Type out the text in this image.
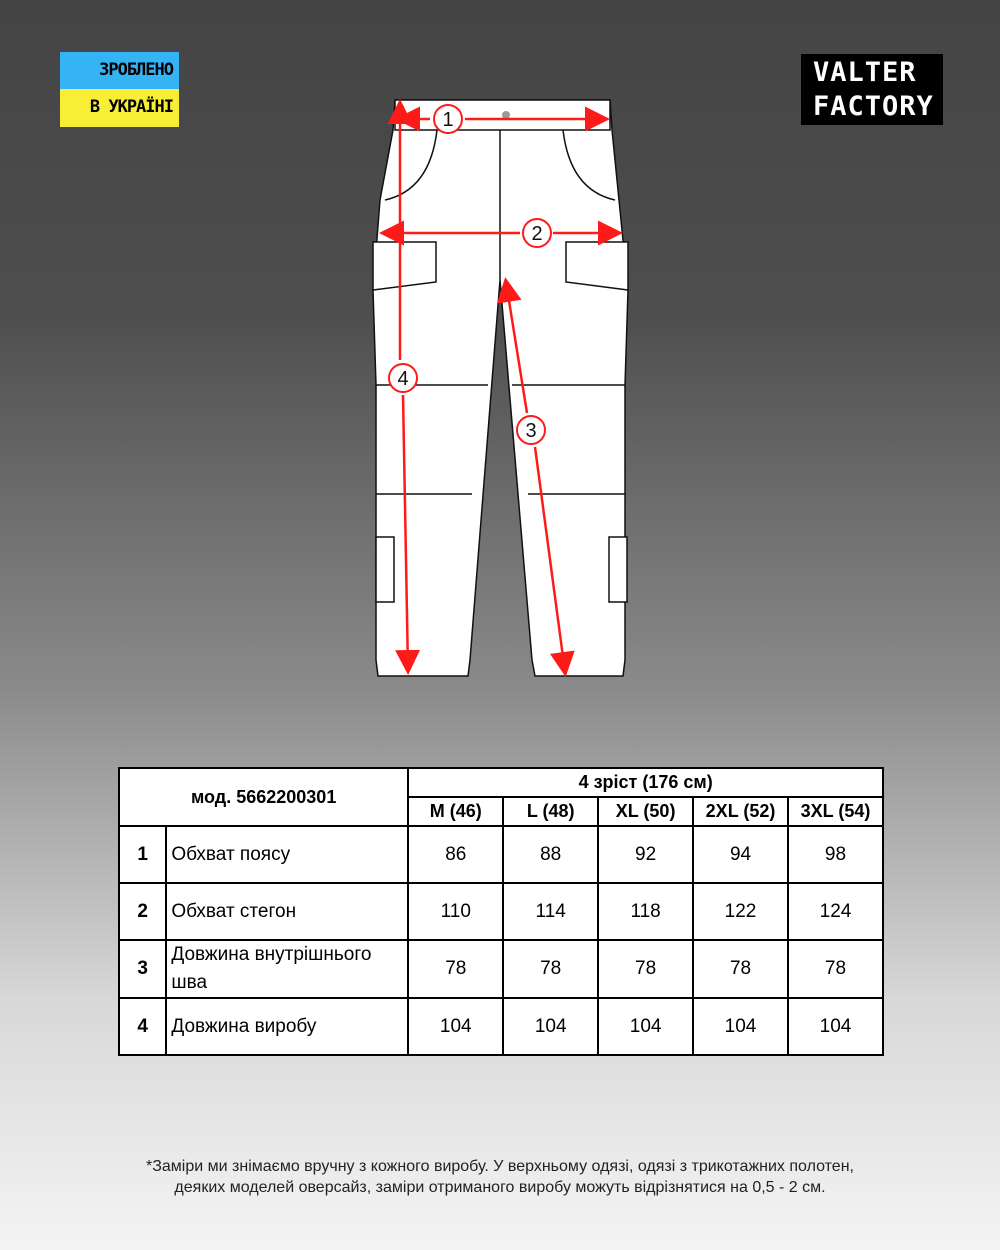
ЗРОБЛЕНО
В УКРАЇНІ
VALTER
FACTORY
1
2
3
4
мод. 5662200301		4 зріст (176 см)				
		M (46)	L (48)	XL (50)	2XL (52)	3XL (54)
1	Обхват поясу	86	88	92	94	98
2	Обхват стегон	110	114	118	122	124
3	Довжина внутрішнього шва	78	78	78	78	78
4	Довжина виробу	104	104	104	104	104
*Заміри ми знімаємо вручну з кожного виробу. У верхньому одязі, одязі з трикотажних полотен,
деяких моделей оверсайз, заміри отриманого виробу можуть відрізнятися на 0,5 - 2 см.
